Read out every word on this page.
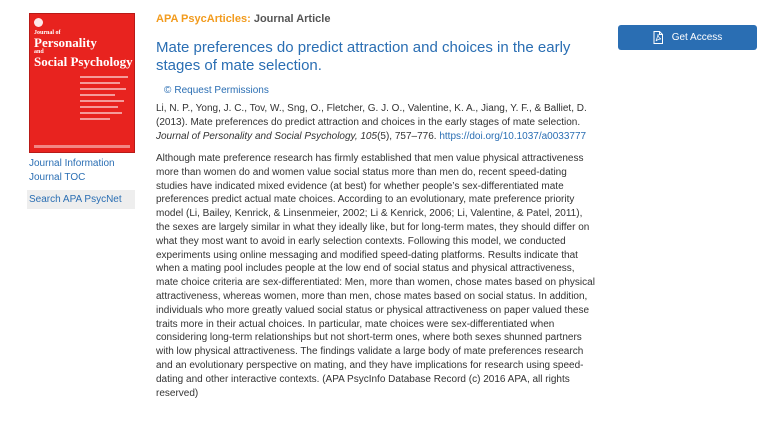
Journal of
Personality
and
Social Psychology
Journal Information
Journal TOC
Search APA PsycNet
APA PsycArticles: Journal Article
Mate preferences do predict attraction and choices in the early stages of mate selection.
© Request Permissions
Li, N. P., Yong, J. C., Tov, W., Sng, O., Fletcher, G. J. O., Valentine, K. A., Jiang, Y. F., & Balliet, D. (2013). Mate preferences do predict attraction and choices in the early stages of mate selection. Journal of Personality and Social Psychology, 105(5), 757–776. https://doi.org/10.1037/a0033777
Although mate preference research has firmly established that men value physical attractiveness more than women do and women value social status more than men do, recent speed-dating studies have indicated mixed evidence (at best) for whether people’s sex-differentiated mate preferences predict actual mate choices. According to an evolutionary, mate preference priority model (Li, Bailey, Kenrick, & Linsenmeier, 2002; Li & Kenrick, 2006; Li, Valentine, & Patel, 2011), the sexes are largely similar in what they ideally like, but for long-term mates, they should differ on what they most want to avoid in early selection contexts. Following this model, we conducted experiments using online messaging and modified speed-dating platforms. Results indicate that when a mating pool includes people at the low end of social status and physical attractiveness, mate choice criteria are sex-differentiated: Men, more than women, chose mates based on physical attractiveness, whereas women, more than men, chose mates based on social status. In addition, individuals who more greatly valued social status or physical attractiveness on paper valued these traits more in their actual choices. In particular, mate choices were sex-differentiated when considering long-term relationships but not short-term ones, where both sexes shunned partners with low physical attractiveness. The findings validate a large body of mate preferences research and an evolutionary perspective on mating, and they have implications for research using speed-dating and other interactive contexts. (APA PsycInfo Database Record (c) 2016 APA, all rights reserved)
Get Access
